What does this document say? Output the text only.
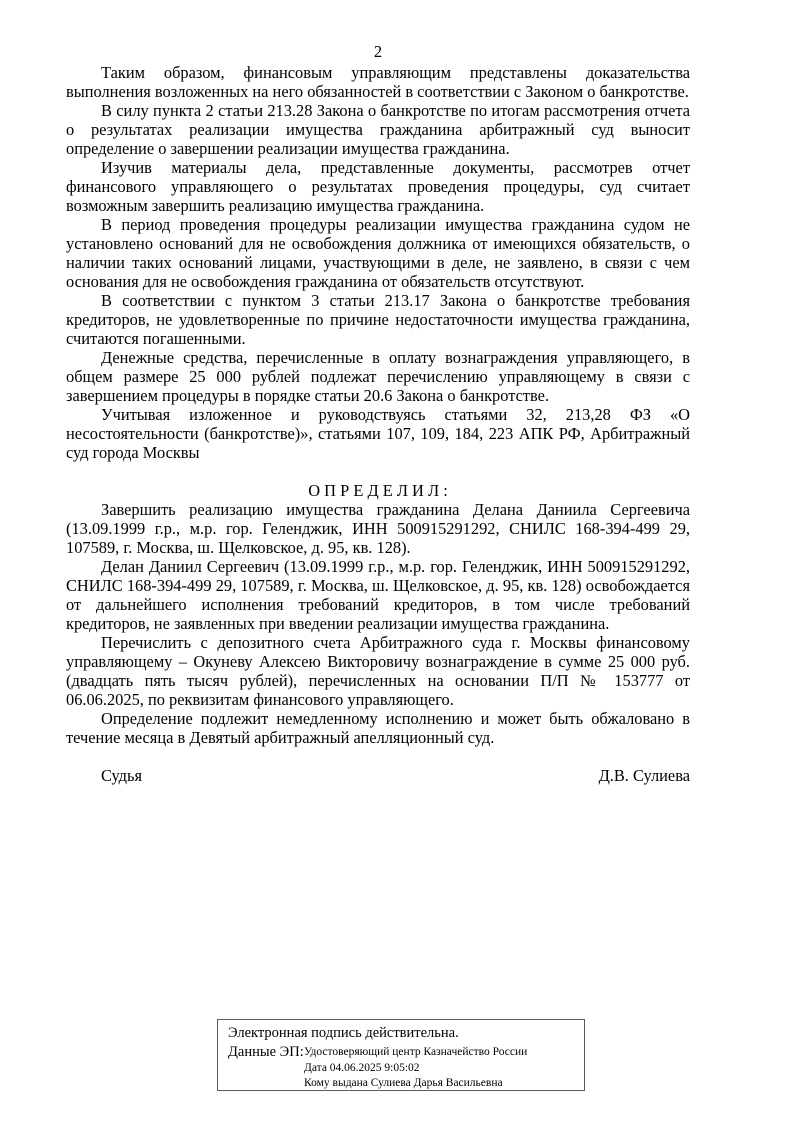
2

Таким образом, финансовым управляющим представлены доказательства выполнения возложенных на него обязанностей в соответствии с Законом о банкротстве.

В силу пункта 2 статьи 213.28 Закона о банкротстве по итогам рассмотрения отчета о результатах реализации имущества гражданина арбитражный суд выносит определение о завершении реализации имущества гражданина.

Изучив материалы дела, представленные документы, рассмотрев отчет финансового управляющего о результатах проведения процедуры, суд считает возможным завершить реализацию имущества гражданина.

В период проведения процедуры реализации имущества гражданина судом не установлено оснований для не освобождения должника от имеющихся обязательств, о наличии таких оснований лицами, участвующими в деле, не заявлено, в связи с чем основания для не освобождения гражданина от обязательств отсутствуют.

В соответствии с пунктом 3 статьи 213.17 Закона о банкротстве требования кредиторов, не удовлетворенные по причине недостаточности имущества гражданина, считаются погашенными.

Денежные средства, перечисленные в оплату вознаграждения управляющего, в общем размере 25 000 рублей подлежат перечислению управляющему в связи с завершением процедуры в порядке статьи 20.6 Закона о банкротстве.

Учитывая изложенное и руководствуясь статьями 32, 213,28 ФЗ «О несостоятельности (банкротстве)», статьями 107, 109, 184, 223 АПК РФ, Арбитражный суд города Москвы

О П Р Е Д Е Л И Л :

Завершить реализацию имущества гражданина Делана Даниила Сергеевича (13.09.1999 г.р., м.р. гор. Геленджик, ИНН 500915291292, СНИЛС 168-394-499 29, 107589, г. Москва, ш. Щелковское, д. 95, кв. 128).

Делан Даниил Сергеевич (13.09.1999 г.р., м.р. гор. Геленджик, ИНН 500915291292, СНИЛС 168-394-499 29, 107589, г. Москва, ш. Щелковское, д. 95, кв. 128) освобождается от дальнейшего исполнения требований кредиторов, в том числе требований кредиторов, не заявленных при введении реализации имущества гражданина.

Перечислить с депозитного счета Арбитражного суда г. Москвы финансовому управляющему – Окуневу Алексею Викторовичу вознаграждение в сумме 25 000 руб. (двадцать пять тысяч рублей), перечисленных на основании П/П № 153777 от 06.06.2025, по реквизитам финансового управляющего.

Определение подлежит немедленному исполнению и может быть обжаловано в течение месяца в Девятый арбитражный апелляционный суд.

Судья	Д.В. Сулиева
Электронная подпись действительна.
Данные ЭП: Удостоверяющий центр Казначейство России
Дата 04.06.2025 9:05:02
Кому выдана Сулиева Дарья Васильевна
